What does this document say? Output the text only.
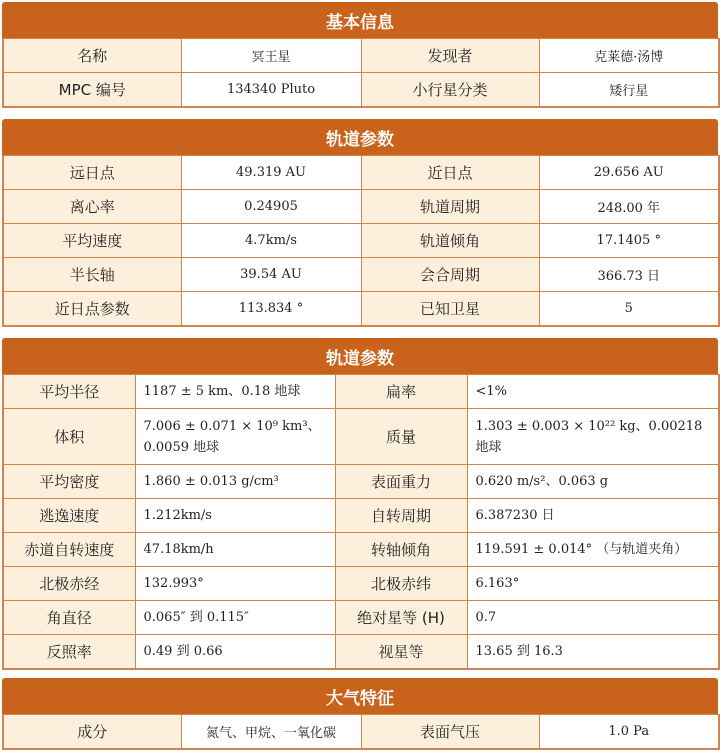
基本信息
名称	冥王星	发现者	克莱德·汤博
MPC 编号	134340 Pluto	小行星分类	矮行星
轨道参数
远日点	49.319 AU	近日点	29.656 AU
离心率	0.24905	轨道周期	248.00 年
平均速度	4.7km/s	轨道倾角	17.1405 °
半长轴	39.54 AU	会合周期	366.73 日
近日点参数	113.834 °	已知卫星	5
轨道参数
平均半径	1187 ± 5 km、0.18 地球	扁率	<1%
体积	7.006 ± 0.071 × 10⁹ km³、0.0059 地球	质量	1.303 ± 0.003 × 10²² kg、0.00218 地球
平均密度	1.860 ± 0.013 g/cm³	表面重力	0.620 m/s²、0.063 g
逃逸速度	1.212km/s	自转周期	6.387230 日
赤道自转速度	47.18km/h	转轴倾角	119.591 ± 0.014° （与轨道夹角）
北极赤经	132.993°	北极赤纬	6.163°
角直径	0.065″ 到 0.115″	绝对星等 (H)	0.7
反照率	0.49 到 0.66	视星等	13.65 到 16.3
大气特征
成分	氮气、甲烷、一氧化碳	表面气压	1.0 Pa
